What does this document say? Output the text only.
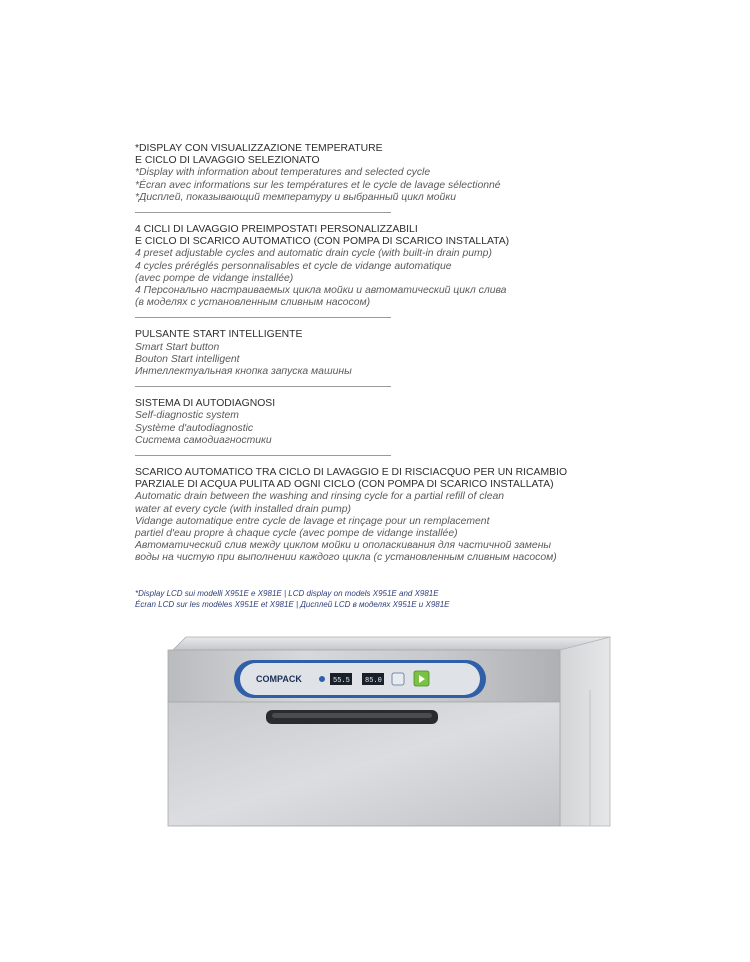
*DISPLAY CON VISUALIZZAZIONE TEMPERATURE
E CICLO DI LAVAGGIO SELEZIONATO
*Display with information about temperatures and selected cycle
*Écran avec informations sur les températures et le cycle de lavage sélectionné
*Дисплей, показывающий температуру и выбранный цикл мойки
4 CICLI DI LAVAGGIO PREIMPOSTATI PERSONALIZZABILI
E CICLO DI SCARICO AUTOMATICO (CON POMPA DI SCARICO INSTALLATA)
4 preset adjustable cycles and automatic drain cycle (with built-in drain pump)
4 cycles préréglés personnalisables et cycle de vidange automatique
(avec pompe de vidange installée)
4 Персонально настраиваемых цикла мойки и автоматический цикл слива
(в моделях с установленным сливным насосом)
PULSANTE START INTELLIGENTE
Smart Start button
Bouton Start intelligent
Интеллектуальная кнопка запуска машины
SISTEMA DI AUTODIAGNOSI
Self-diagnostic system
Système d'autodiagnostic
Система самодиагностики
SCARICO AUTOMATICO TRA CICLO DI LAVAGGIO E DI RISCIACQUO PER UN RICAMBIO
PARZIALE DI ACQUA PULITA AD OGNI CICLO (CON POMPA DI SCARICO INSTALLATA)
Automatic drain between the washing and rinsing cycle for a partial refill of clean
water at every cycle (with installed drain pump)
Vidange automatique entre cycle de lavage et rinçage pour un remplacement
partiel d'eau propre à chaque cycle (avec pompe de vidange installée)
Автоматический слив между циклом мойки и ополаскивания для частичной замены
воды на чистую при выполнении каждого цикла (с установленным сливным насосом)
*Display LCD sui modelli X951E e X981E | LCD display on models X951E and X981E
Écran LCD sur les modèles X951E et X981E | Дисплей LCD в моделях X951E и X981E
COMPACK	55.5 85.0
